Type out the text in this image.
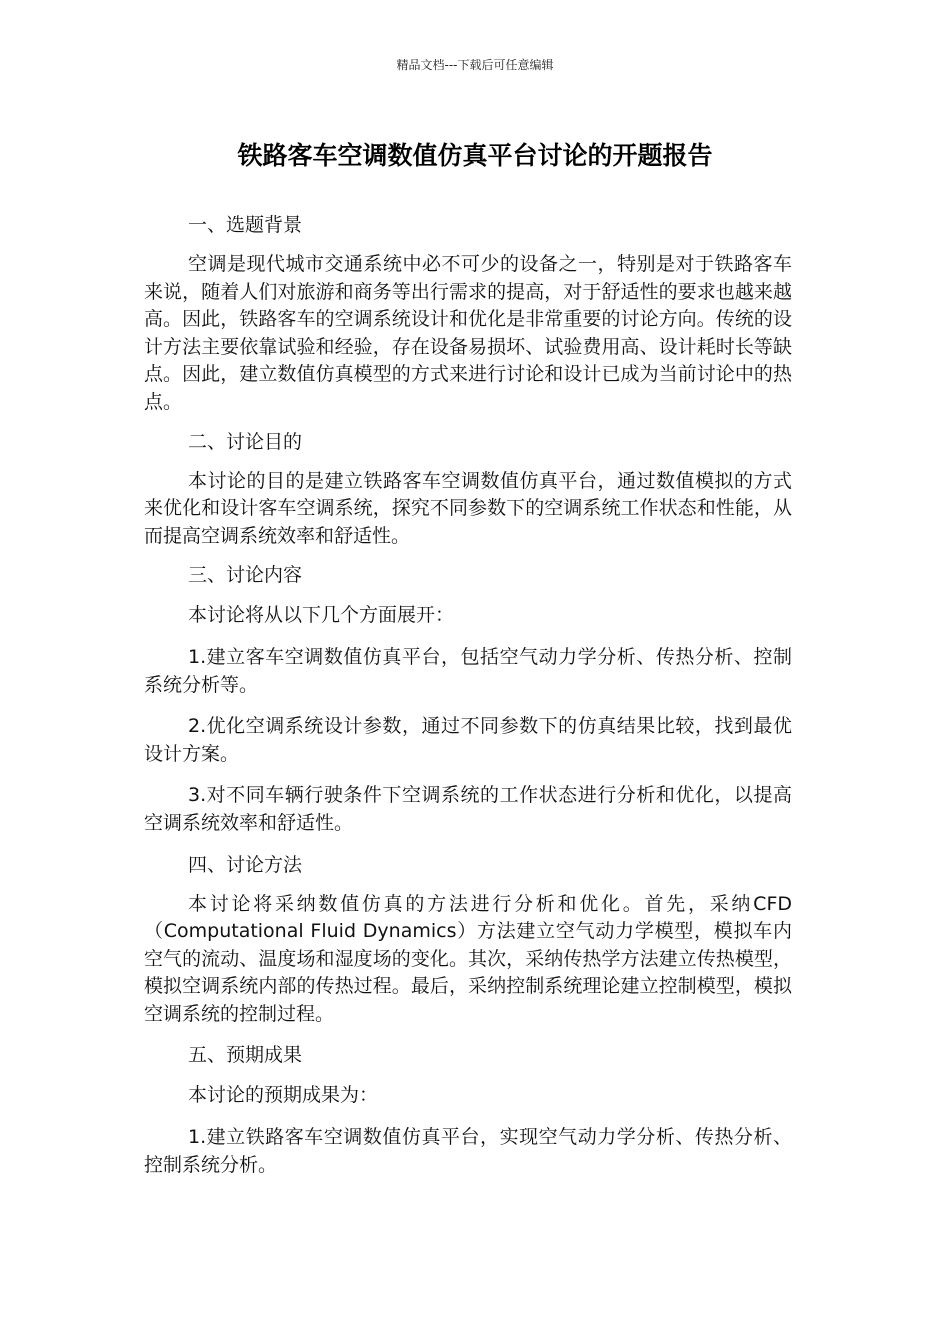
精品文档---下载后可任意编辑
铁路客车空调数值仿真平台讨论的开题报告

一、选题背景

空调是现代城市交通系统中必不可少的设备之一，特别是对于铁路客车来说，随着人们对旅游和商务等出行需求的提高，对于舒适性的要求也越来越高。因此，铁路客车的空调系统设计和优化是非常重要的讨论方向。传统的设计方法主要依靠试验和经验，存在设备易损坏、试验费用高、设计耗时长等缺点。因此，建立数值仿真模型的方式来进行讨论和设计已成为当前讨论中的热点。

二、讨论目的

本讨论的目的是建立铁路客车空调数值仿真平台，通过数值模拟的方式来优化和设计客车空调系统，探究不同参数下的空调系统工作状态和性能，从而提高空调系统效率和舒适性。

三、讨论内容

本讨论将从以下几个方面展开：

1.建立客车空调数值仿真平台，包括空气动力学分析、传热分析、控制系统分析等。

2.优化空调系统设计参数，通过不同参数下的仿真结果比较，找到最优设计方案。

3.对不同车辆行驶条件下空调系统的工作状态进行分析和优化，以提高空调系统效率和舒适性。

四、讨论方法

本讨论将采纳数值仿真的方法进行分析和优化。首先，采纳CFD（Computational Fluid Dynamics）方法建立空气动力学模型，模拟车内空气的流动、温度场和湿度场的变化。其次，采纳传热学方法建立传热模型，模拟空调系统内部的传热过程。最后，采纳控制系统理论建立控制模型，模拟空调系统的控制过程。

五、预期成果

本讨论的预期成果为：

1.建立铁路客车空调数值仿真平台，实现空气动力学分析、传热分析、控制系统分析。
